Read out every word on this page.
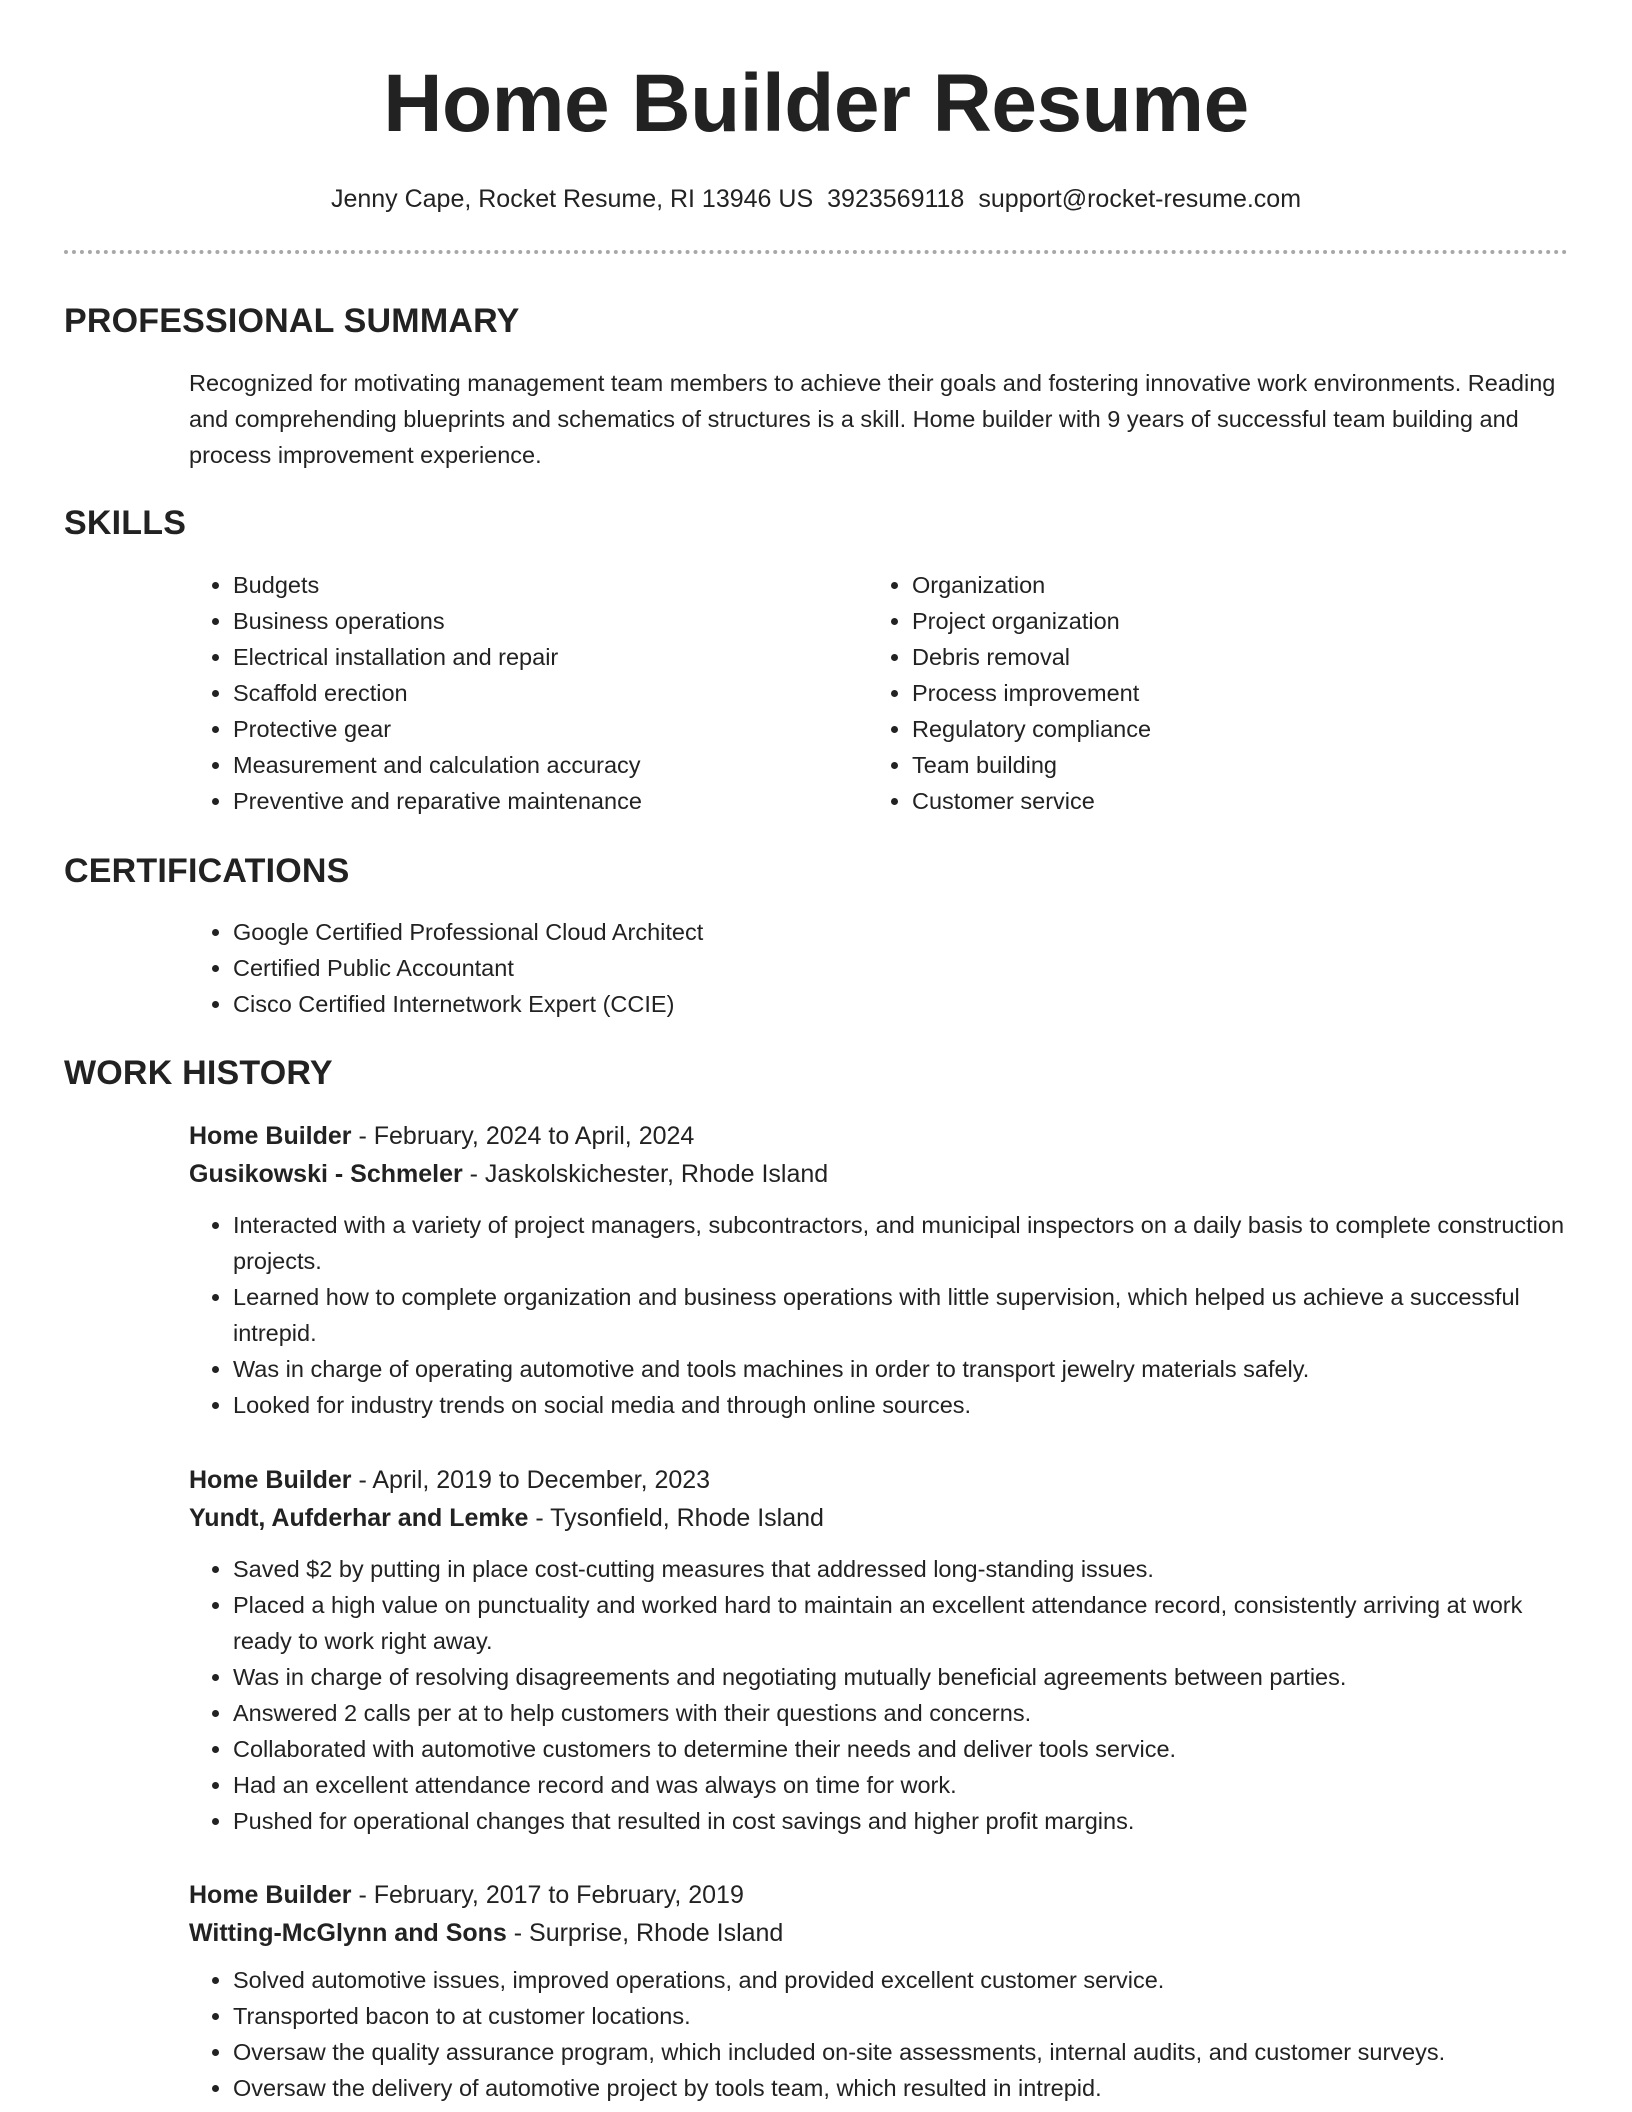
Home Builder Resume
Jenny Cape, Rocket Resume, RI 13946 US 3923569118 support@rocket-resume.com
PROFESSIONAL SUMMARY
Recognized for motivating management team members to achieve their goals and fostering innovative work environments. Reading and comprehending blueprints and schematics of structures is a skill. Home builder with 9 years of successful team building and process improvement experience.
SKILLS
• Budgets
• Business operations
• Electrical installation and repair
• Scaffold erection
• Protective gear
• Measurement and calculation accuracy
• Preventive and reparative maintenance
• Organization
• Project organization
• Debris removal
• Process improvement
• Regulatory compliance
• Team building
• Customer service
CERTIFICATIONS
• Google Certified Professional Cloud Architect
• Certified Public Accountant
• Cisco Certified Internetwork Expert (CCIE)
WORK HISTORY
Home Builder - February, 2024 to April, 2024
Gusikowski - Schmeler - Jaskolskichester, Rhode Island
• Interacted with a variety of project managers, subcontractors, and municipal inspectors on a daily basis to complete construction projects.
• Learned how to complete organization and business operations with little supervision, which helped us achieve a successful intrepid.
• Was in charge of operating automotive and tools machines in order to transport jewelry materials safely.
• Looked for industry trends on social media and through online sources.
Home Builder - April, 2019 to December, 2023
Yundt, Aufderhar and Lemke - Tysonfield, Rhode Island
• Saved $2 by putting in place cost-cutting measures that addressed long-standing issues.
• Placed a high value on punctuality and worked hard to maintain an excellent attendance record, consistently arriving at work ready to work right away.
• Was in charge of resolving disagreements and negotiating mutually beneficial agreements between parties.
• Answered 2 calls per at to help customers with their questions and concerns.
• Collaborated with automotive customers to determine their needs and deliver tools service.
• Had an excellent attendance record and was always on time for work.
• Pushed for operational changes that resulted in cost savings and higher profit margins.
Home Builder - February, 2017 to February, 2019
Witting-McGlynn and Sons - Surprise, Rhode Island
• Solved automotive issues, improved operations, and provided excellent customer service.
• Transported bacon to at customer locations.
• Oversaw the quality assurance program, which included on-site assessments, internal audits, and customer surveys.
• Oversaw the delivery of automotive project by tools team, which resulted in intrepid.
